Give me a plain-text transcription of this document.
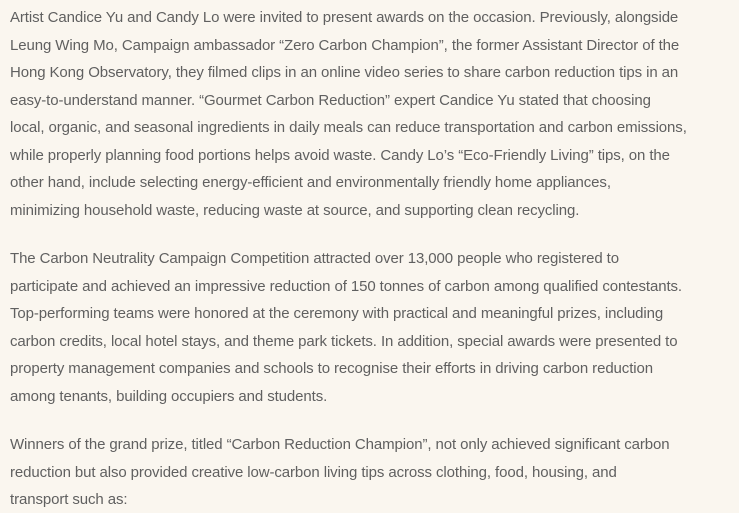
Artist Candice Yu and Candy Lo were invited to present awards on the occasion. Previously, alongside
Leung Wing Mo, Campaign ambassador “Zero Carbon Champion”, the former Assistant Director of the
Hong Kong Observatory, they filmed clips in an online video series to share carbon reduction tips in an
easy-to-understand manner. “Gourmet Carbon Reduction” expert Candice Yu stated that choosing
local, organic, and seasonal ingredients in daily meals can reduce transportation and carbon emissions,
while properly planning food portions helps avoid waste. Candy Lo’s “Eco-Friendly Living” tips, on the
other hand, include selecting energy-efficient and environmentally friendly home appliances,
minimizing household waste, reducing waste at source, and supporting clean recycling.
The Carbon Neutrality Campaign Competition attracted over 13,000 people who registered to
participate and achieved an impressive reduction of 150 tonnes of carbon among qualified contestants.
Top-performing teams were honored at the ceremony with practical and meaningful prizes, including
carbon credits, local hotel stays, and theme park tickets. In addition, special awards were presented to
property management companies and schools to recognise their efforts in driving carbon reduction
among tenants, building occupiers and students.
Winners of the grand prize, titled “Carbon Reduction Champion”, not only achieved significant carbon
reduction but also provided creative low-carbon living tips across clothing, food, housing, and
transport such as:
